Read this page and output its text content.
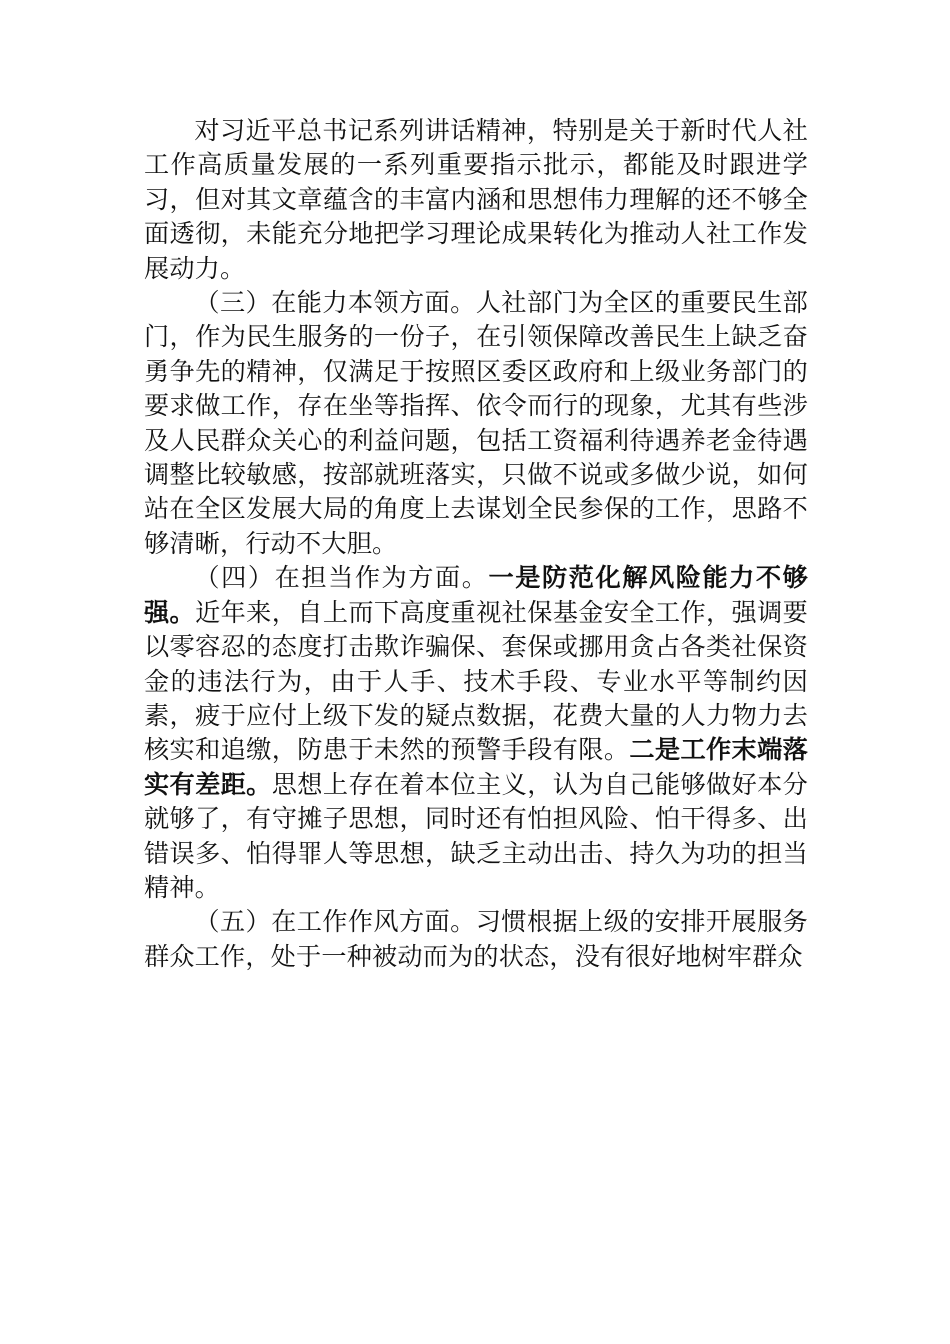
对习近平总书记系列讲话精神，特别是关于新时代人社工作高质量发展的一系列重要指示批示，都能及时跟进学习，但对其文章蕴含的丰富内涵和思想伟力理解的还不够全面透彻，未能充分地把学习理论成果转化为推动人社工作发展动力。

（三）在能力本领方面。人社部门为全区的重要民生部门，作为民生服务的一份子，在引领保障改善民生上缺乏奋勇争先的精神，仅满足于按照区委区政府和上级业务部门的要求做工作，存在坐等指挥、依令而行的现象，尤其有些涉及人民群众关心的利益问题，包括工资福利待遇养老金待遇调整比较敏感，按部就班落实，只做不说或多做少说，如何站在全区发展大局的角度上去谋划全民参保的工作，思路不够清晰，行动不大胆。

（四）在担当作为方面。一是防范化解风险能力不够强。近年来，自上而下高度重视社保基金安全工作，强调要以零容忍的态度打击欺诈骗保、套保或挪用贪占各类社保资金的违法行为，由于人手、技术手段、专业水平等制约因素，疲于应付上级下发的疑点数据，花费大量的人力物力去核实和追缴，防患于未然的预警手段有限。二是工作末端落实有差距。思想上存在着本位主义，认为自己能够做好本分就够了，有守摊子思想，同时还有怕担风险、怕干得多、出错误多、怕得罪人等思想，缺乏主动出击、持久为功的担当精神。

（五）在工作作风方面。习惯根据上级的安排开展服务群众工作，处于一种被动而为的状态，没有很好地树牢群众
